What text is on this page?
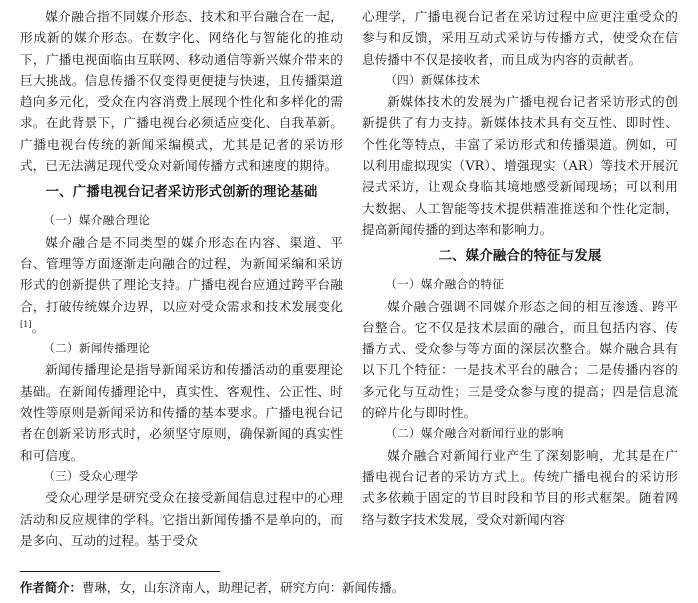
媒介融合指不同媒介形态、技术和平台融合在一起，形成新的媒介形态。在数字化、网络化与智能化的推动下，广播电视面临由互联网、移动通信等新兴媒介带来的巨大挑战。信息传播不仅变得更便捷与快速，且传播渠道趋向多元化，受众在内容消费上展现个性化和多样化的需求。在此背景下，广播电视台必须适应变化、自我革新。广播电视台传统的新闻采编模式，尤其是记者的采访形式，已无法满足现代受众对新闻传播方式和速度的期待。

一、广播电视台记者采访形式创新的理论基础
（一）媒介融合理论

媒介融合是不同类型的媒介形态在内容、渠道、平台、管理等方面逐渐走向融合的过程，为新闻采编和采访形式的创新提供了理论支持。广播电视台应通过跨平台融合，打破传统媒介边界，以应对受众需求和技术发展变化[1]。

（二）新闻传播理论

新闻传播理论是指导新闻采访和传播活动的重要理论基础。在新闻传播理论中，真实性、客观性、公正性、时效性等原则是新闻采访和传播的基本要求。广播电视台记者在创新采访形式时，必须坚守原则，确保新闻的真实性和可信度。

（三）受众心理学

受众心理学是研究受众在接受新闻信息过程中的心理活动和反应规律的学科。它指出新闻传播不是单向的，而是多向、互动的过程。基于受众

心理学，广播电视台记者在采访过程中应更注重受众的参与和反馈，采用互动式采访与传播方式，使受众在信息传播中不仅是接收者，而且成为内容的贡献者。

（四）新媒体技术

新媒体技术的发展为广播电视台记者采访形式的创新提供了有力支持。新媒体技术具有交互性、即时性、个性化等特点，丰富了采访形式和传播渠道。例如，可以利用虚拟现实（VR）、增强现实（AR）等技术开展沉浸式采访，让观众身临其境地感受新闻现场；可以利用大数据、人工智能等技术提供精准推送和个性化定制，提高新闻传播的到达率和影响力。

二、媒介融合的特征与发展
（一）媒介融合的特征

媒介融合强调不同媒介形态之间的相互渗透、跨平台整合。它不仅是技术层面的融合，而且包括内容、传播方式、受众参与等方面的深层次整合。媒介融合具有以下几个特征：一是技术平台的融合；二是传播内容的多元化与互动性；三是受众参与度的提高；四是信息流的碎片化与即时性。

（二）媒介融合对新闻行业的影响

媒介融合对新闻行业产生了深刻影响，尤其是在广播电视台记者的采访方式上。传统广播电视台的采访形式多依赖于固定的节目时段和节目的形式框架。随着网络与数字技术发展，受众对新闻内容

作者简介：曹琳，女，山东济南人，助理记者，研究方向：新闻传播。
